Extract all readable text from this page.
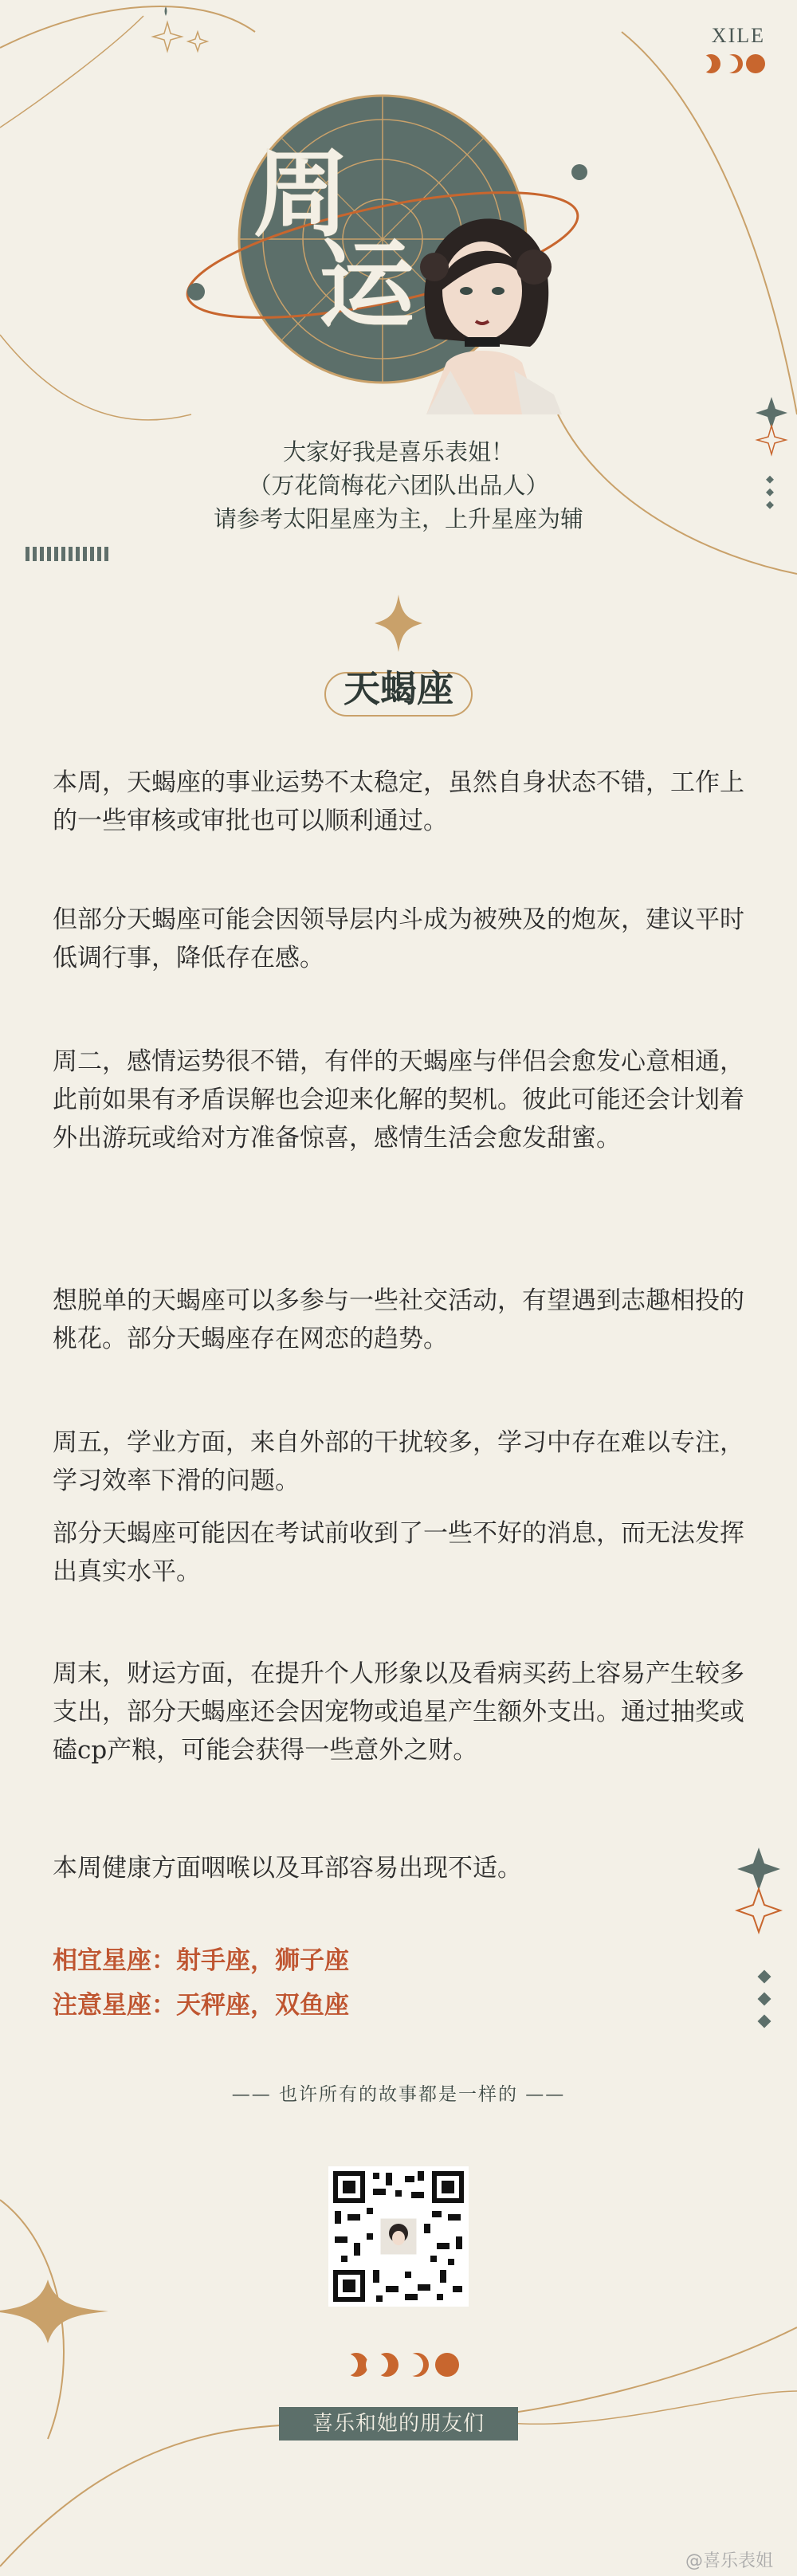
XILE
周
运
大家好我是喜乐表姐！
（万花筒梅花六团队出品人）
请参考太阳星座为主，上升星座为辅
天蝎座

本周，天蝎座的事业运势不太稳定，虽然自身状态不错，工作上的一些审核或审批也可以顺利通过。

但部分天蝎座可能会因领导层内斗成为被殃及的炮灰，建议平时低调行事，降低存在感。

周二，感情运势很不错，有伴的天蝎座与伴侣会愈发心意相通，此前如果有矛盾误解也会迎来化解的契机。彼此可能还会计划着外出游玩或给对方准备惊喜，感情生活会愈发甜蜜。

想脱单的天蝎座可以多参与一些社交活动，有望遇到志趣相投的桃花。部分天蝎座存在网恋的趋势。

周五，学业方面，来自外部的干扰较多，学习中存在难以专注，学习效率下滑的问题。

部分天蝎座可能因在考试前收到了一些不好的消息，而无法发挥出真实水平。

周末，财运方面，在提升个人形象以及看病买药上容易产生较多支出，部分天蝎座还会因宠物或追星产生额外支出。通过抽奖或磕cp产粮，可能会获得一些意外之财。

本周健康方面咽喉以及耳部容易出现不适。

相宜星座：射手座，狮子座
注意星座：天秤座，双鱼座
—— 也许所有的故事都是一样的 ——
喜乐和她的朋友们
@喜乐表姐
